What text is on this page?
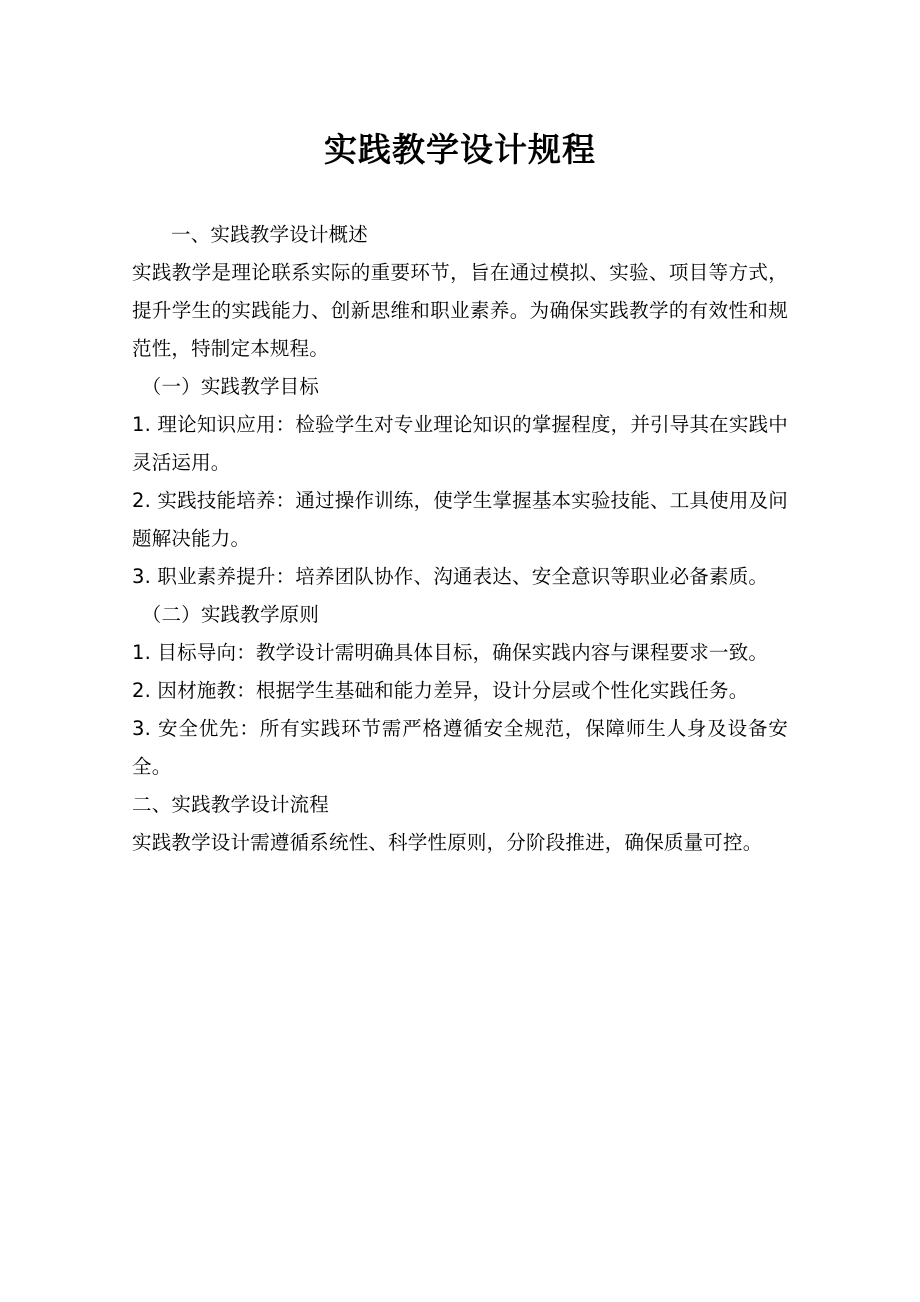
实践教学设计规程

一、实践教学设计概述

实践教学是理论联系实际的重要环节，旨在通过模拟、实验、项目等方式，提升学生的实践能力、创新思维和职业素养。为确保实践教学的有效性和规范性，特制定本规程。

（一）实践教学目标

1. 理论知识应用：检验学生对专业理论知识的掌握程度，并引导其在实践中灵活运用。

2. 实践技能培养：通过操作训练，使学生掌握基本实验技能、工具使用及问题解决能力。

3. 职业素养提升：培养团队协作、沟通表达、安全意识等职业必备素质。

（二）实践教学原则

1. 目标导向：教学设计需明确具体目标，确保实践内容与课程要求一致。

2. 因材施教：根据学生基础和能力差异，设计分层或个性化实践任务。

3. 安全优先：所有实践环节需严格遵循安全规范，保障师生人身及设备安全。

二、实践教学设计流程

实践教学设计需遵循系统性、科学性原则，分阶段推进，确保质量可控。
